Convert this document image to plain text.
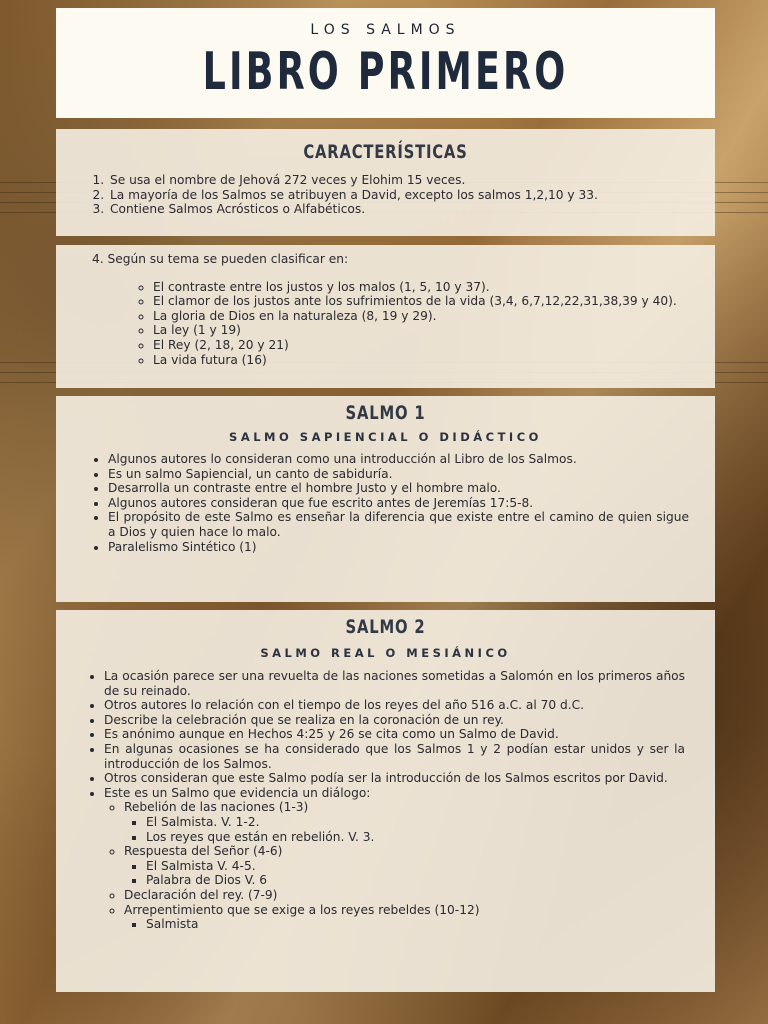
LOS SALMOS
LIBRO PRIMERO
CARACTERÍSTICAS
1. Se usa el nombre de Jehová 272 veces y Elohim 15 veces.
2. La mayoría de los Salmos se atribuyen a David, excepto los salmos 1,2,10 y 33.
3. Contiene Salmos Acrósticos o Alfabéticos.
4. Según su tema se pueden clasificar en:
◦ El contraste entre los justos y los malos (1, 5, 10 y 37).
◦ El clamor de los justos ante los sufrimientos de la vida (3,4, 6,7,12,22,31,38,39 y 40).
◦ La gloria de Dios en la naturaleza (8, 19 y 29).
◦ La ley (1 y 19)
◦ El Rey (2, 18, 20 y 21)
◦ La vida futura (16)
SALMO 1
SALMO SAPIENCIAL O DIDÁCTICO
• Algunos autores lo consideran como una introducción al Libro de los Salmos.
• Es un salmo Sapiencial, un canto de sabiduría.
• Desarrolla un contraste entre el hombre Justo y el hombre malo.
• Algunos autores consideran que fue escrito antes de Jeremías 17:5-8.
• El propósito de este Salmo es enseñar la diferencia que existe entre el camino de quien sigue a Dios y quien hace lo malo.
• Paralelismo Sintético (1)
SALMO 2
SALMO REAL O MESIÁNICO
• La ocasión parece ser una revuelta de las naciones sometidas a Salomón en los primeros años de su reinado.
• Otros autores lo relación con el tiempo de los reyes del año 516 a.C. al 70 d.C.
• Describe la celebración que se realiza en la coronación de un rey.
• Es anónimo aunque en Hechos 4:25 y 26 se cita como un Salmo de David.
• En algunas ocasiones se ha considerado que los Salmos 1 y 2 podían estar unidos y ser la introducción de los Salmos.
• Otros consideran que este Salmo podía ser la introducción de los Salmos escritos por David.
• Este es un Salmo que evidencia un diálogo:
◦ Rebelión de las naciones (1-3)
▪ El Salmista. V. 1-2.
▪ Los reyes que están en rebelión. V. 3.
◦ Respuesta del Señor (4-6)
▪ El Salmista V. 4-5.
▪ Palabra de Dios V. 6
◦ Declaración del rey. (7-9)
◦ Arrepentimiento que se exige a los reyes rebeldes (10-12)
▪ Salmista
